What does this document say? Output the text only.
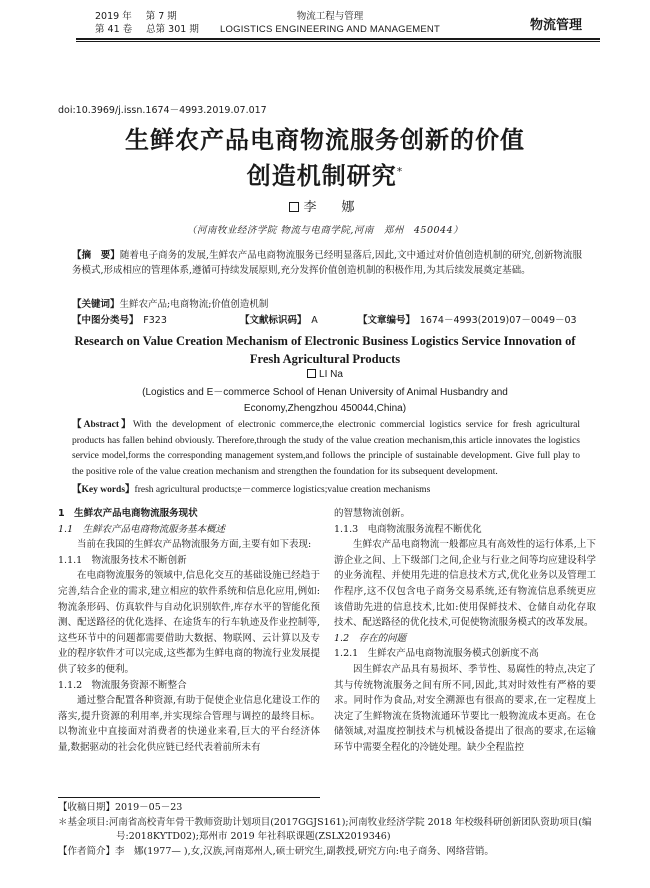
2019 年 第 7 期
第 41 卷 总第 301 期
物流工程与管理
LOGISTICS ENGINEERING AND MANAGEMENT	物流管理
doi:10.3969/j.issn.1674－4993.2019.07.017
生鲜农产品电商物流服务创新的价值
创造机制研究*
李　娜
（河南牧业经济学院 物流与电商学院,河南　郑州　450044）
【摘　要】随着电子商务的发展,生鲜农产品电商物流服务已经明显落后,因此,文中通过对价值创造机制的研究,创新物流服务模式,形成相应的管理体系,遵循可持续发展原则,充分发挥价值创造机制的积极作用,为其后续发展奠定基础。
【关键词】生鲜农产品;电商物流;价值创造机制
【中图分类号】　 F323	【文献标识码】　 A	【文章编号】　 1674－4993(2019)07－0049－03
Research on Value Creation Mechanism of Electronic Business Logistics Service Innovation of
Fresh Agricultural Products
LI Na
(Logistics and E－commerce School of Henan University of Animal Husbandry and
Economy,Zhengzhou 450044,China)
【Abstract】With the development of electronic commerce,the electronic commercial logistics service for fresh agricultural products has fallen behind obviously. Therefore,through the study of the value creation mechanism,this article innovates the logistics service model,forms the corresponding management system,and follows the principle of sustainable development. Give full play to the positive role of the value creation mechanism and strengthen the foundation for its subsequent development.
【Key words】fresh agricultural products;e－commerce logistics;value creation mechanisms
1　生鲜农产品电商物流服务现状
1.1　生鲜农产品电商物流服务基本概述

当前在我国的生鲜农产品物流服务方面,主要有如下表现:

1.1.1　物流服务技术不断创新

在电商物流服务的领域中,信息化交互的基础设施已经趋于完善,结合企业的需求,建立相应的软件系统和信息化应用,例如:物流条形码、仿真软件与自动化识别软件,库存水平的智能化预测、配送路径的优化选择、在途货车的行车轨迹及作业控制等,这些环节中的问题都需要借助大数据、物联网、云计算以及专业的程序软件才可以完成,这些都为生鲜电商的物流行业发展提供了较多的便利。

1.1.2　物流服务资源不断整合

通过整合配置各种资源,有助于促使企业信息化建设工作的落实,提升资源的利用率,并实现综合管理与调控的最终目标。以物流业中直接面对消费者的快递业来看,巨大的平台经济体量,数据驱动的社会化供应链已经代表着前所未有

的智慧物流创新。
1.1.3　电商物流服务流程不断优化

生鲜农产品电商物流一般都应具有高效性的运行体系,上下游企业之间、上下级部门之间,企业与行业之间等均应建设科学的业务流程、并使用先进的信息技术方式,优化业务以及管理工作程序,这不仅包含电子商务交易系统,还有物流信息系统更应该借助先进的信息技术,比如:使用保鲜技术、仓储自动化存取技术、配送路径的优化技术,可促使物流服务模式的改革发展。

1.2　存在的问题
1.2.1　生鲜农产品电商物流服务模式创新度不高

因生鲜农产品具有易损坏、季节性、易腐性的特点,决定了其与传统物流服务之间有所不同,因此,其对时效性有严格的要求。同时作为食品,对安全溯源也有很高的要求,在一定程度上决定了生鲜物流在货物流通环节要比一般物流成本更高。在仓储领域,对温度控制技术与机械设备提出了很高的要求,在运输环节中需要全程化的冷链处理。缺少全程监控

【收稿日期】2019－05－23
＊基金项目:河南省高校青年骨干教师资助计划项目(2017GGJS161);河南牧业经济学院 2018 年校级科研创新团队资助项目(编
号:2018KYTD02);郑州市 2019 年社科联课题(ZSLX2019346)
【作者简介】李　娜(1977— ),女,汉族,河南郑州人,硕士研究生,副教授,研究方向:电子商务、网络营销。
